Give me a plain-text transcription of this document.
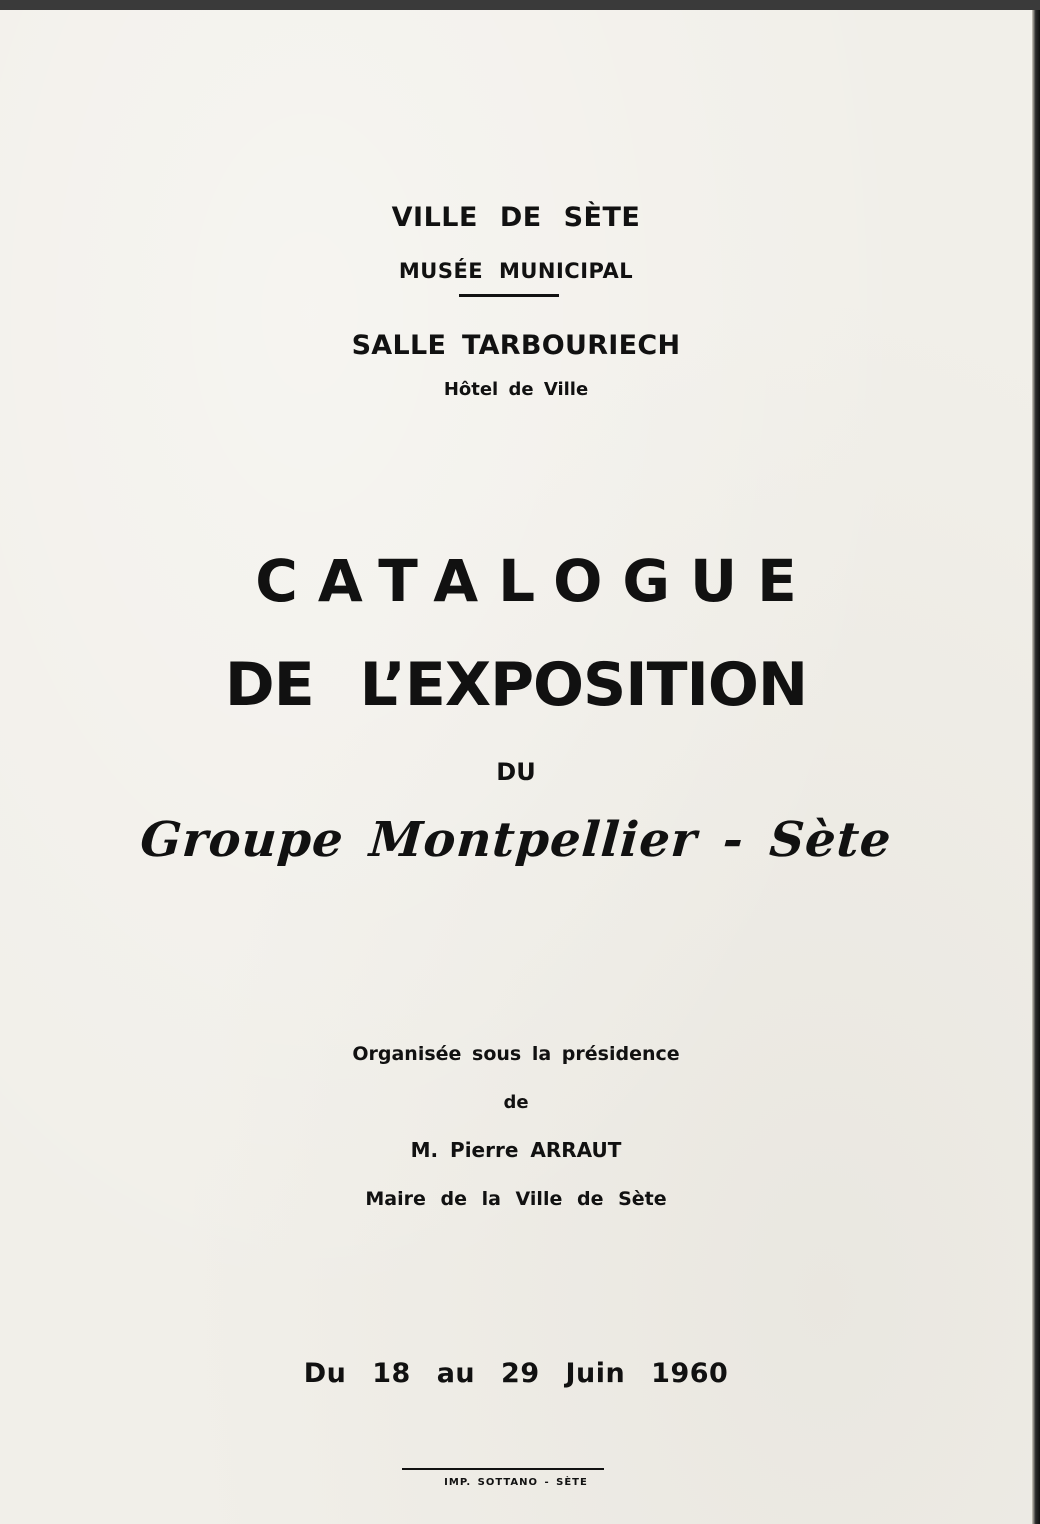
VILLE DE SÈTE
MUSÉE MUNICIPAL
SALLE TARBOURIECH
Hôtel de Ville
CATALOGUE
DE L’EXPOSITION
DU
Groupe Montpellier - Sète
Organisée sous la présidence
de
M. Pierre ARRAUT
Maire de la Ville de Sète
Du 18 au 29 Juin 1960
IMP. SOTTANO - SÈTE
